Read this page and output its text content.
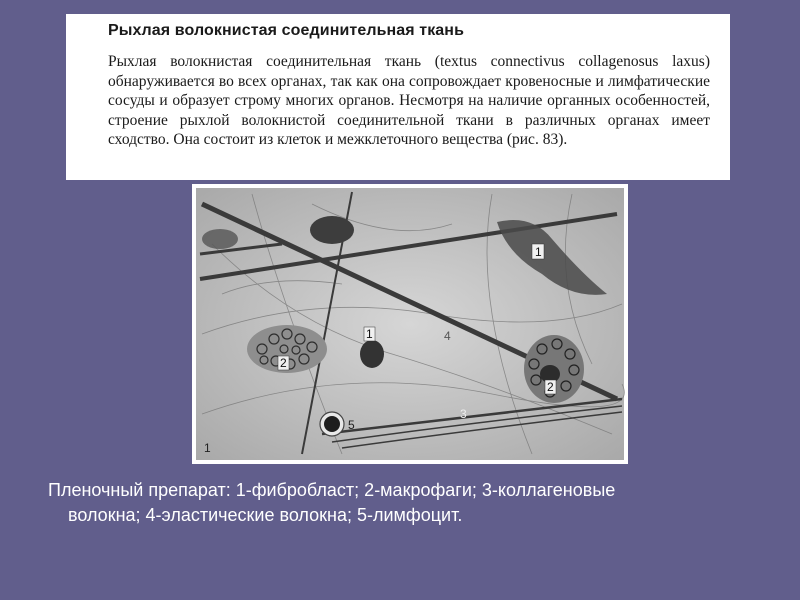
Рыхлая волокнистая соединительная ткань

Рыхлая волокнистая соединительная ткань (textus connectivus collagenosus laxus) обнаруживается во всех органах, так как она сопровождает кровеносные и лимфатические сосуды и образует строму многих органов. Несмотря на наличие органных особенностей, строение рыхлой волокнистой соединительной ткани в различных органах имеет сходство. Она состоит из клеток и межклеточного вещества (рис. 83).

1
1
2
2
3
4
5
1
Пленочный препарат: 1-фибробласт; 2-макрофаги; 3-коллагеновые
волокна; 4-эластические волокна; 5-лимфоцит.
